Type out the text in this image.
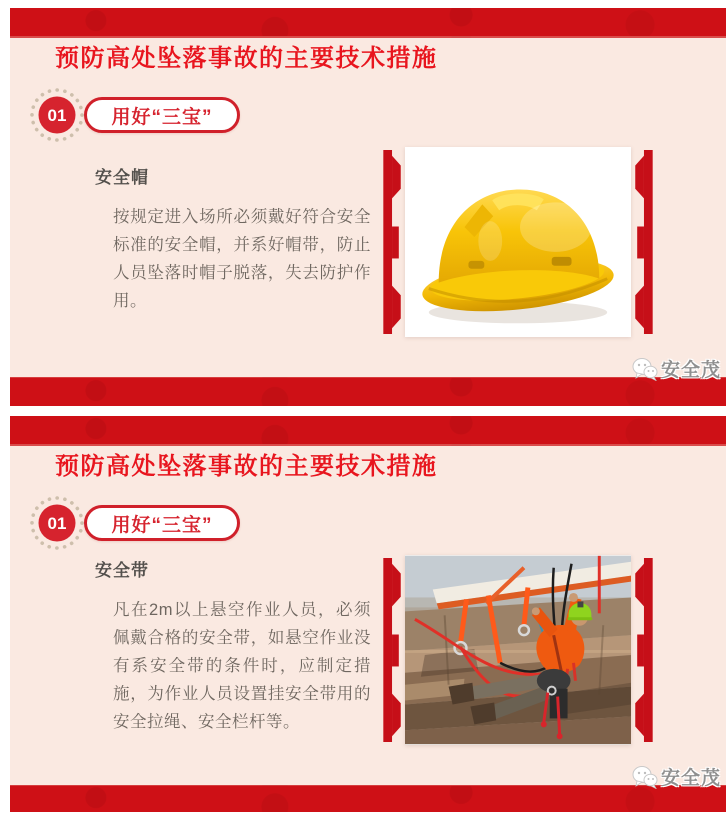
预防高处坠落事故的主要技术措施
01 用好“三宝”
安全帽

按规定进入场所必须戴好符合安全标准的安全帽，并系好帽带，防止人员坠落时帽子脱落，失去防护作用。

安全茂
预防高处坠落事故的主要技术措施
01 用好“三宝”
安全带

凡在2m以上悬空作业人员，必须佩戴合格的安全带，如悬空作业没有系安全带的条件时，应制定措施，为作业人员设置挂安全带用的安全拉绳、安全栏杆等。

安全茂
